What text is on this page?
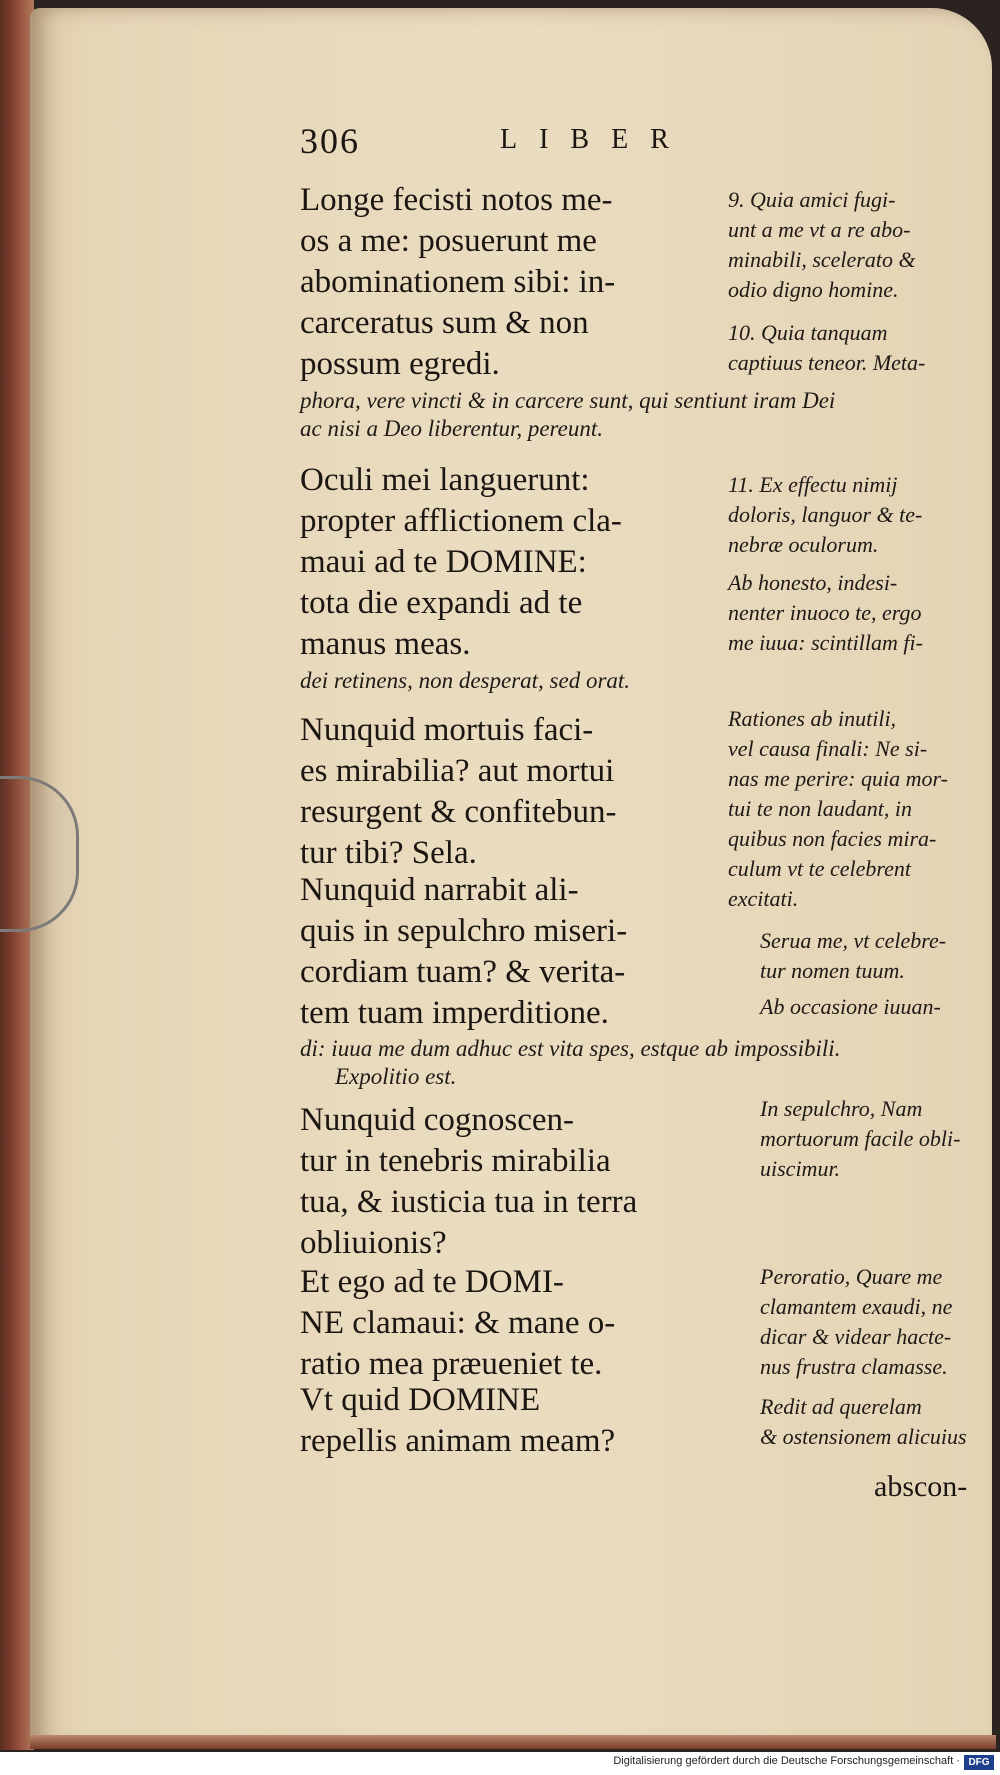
306	LIBER
Longe fecisti notos me-
os a me: posuerunt me
abominationem sibi: in-
carceratus sum & non
possum egredi.
phora, vere vincti & in carcere sunt, qui sentiunt iram Dei
ac nisi a Deo liberentur, pereunt.
Oculi mei languerunt:
propter afflictionem cla-
maui ad te DOMINE:
tota die expandi ad te
manus meas.
dei retinens, non desperat, sed orat.
Nunquid mortuis faci-
es mirabilia? aut mortui
resurgent & confitebun-
tur tibi? Sela.
Nunquid narrabit ali-
quis in sepulchro miseri-
cordiam tuam? & verita-
tem tuam imperditione.
di: iuua me dum adhuc est vita spes, estque ab impossibili.
Expolitio est.
Nunquid cognoscen-
tur in tenebris mirabilia
tua, & iusticia tua in terra
obliuionis?
Et ego ad te DOMI-
NE clamaui: & mane o-
ratio mea præueniet te.
Vt quid DOMINE
repellis animam meam?
9. Quia amici fugi-
unt a me vt a re abo-
minabili, scelerato &
odio digno homine.
10. Quia tanquam
captiuus teneor. Meta-
11. Ex effectu nimij
doloris, languor & te-
nebræ oculorum.
Ab honesto, indesi-
nenter inuoco te, ergo
me iuua: scintillam fi-
Rationes ab inutili,
vel causa finali: Ne si-
nas me perire: quia mor-
tui te non laudant, in
quibus non facies mira-
culum vt te celebrent
excitati.
Serua me, vt celebre-
tur nomen tuum.
Ab occasione iuuan-
In sepulchro, Nam
mortuorum facile obli-
uiscimur.
Peroratio, Quare me
clamantem exaudi, ne
dicar & videar hacte-
nus frustra clamasse.
Redit ad querelam
& ostensionem alicuius
abscon-
Digitalisierung gefördert durch die Deutsche Forschungsgemeinschaft · DFG
